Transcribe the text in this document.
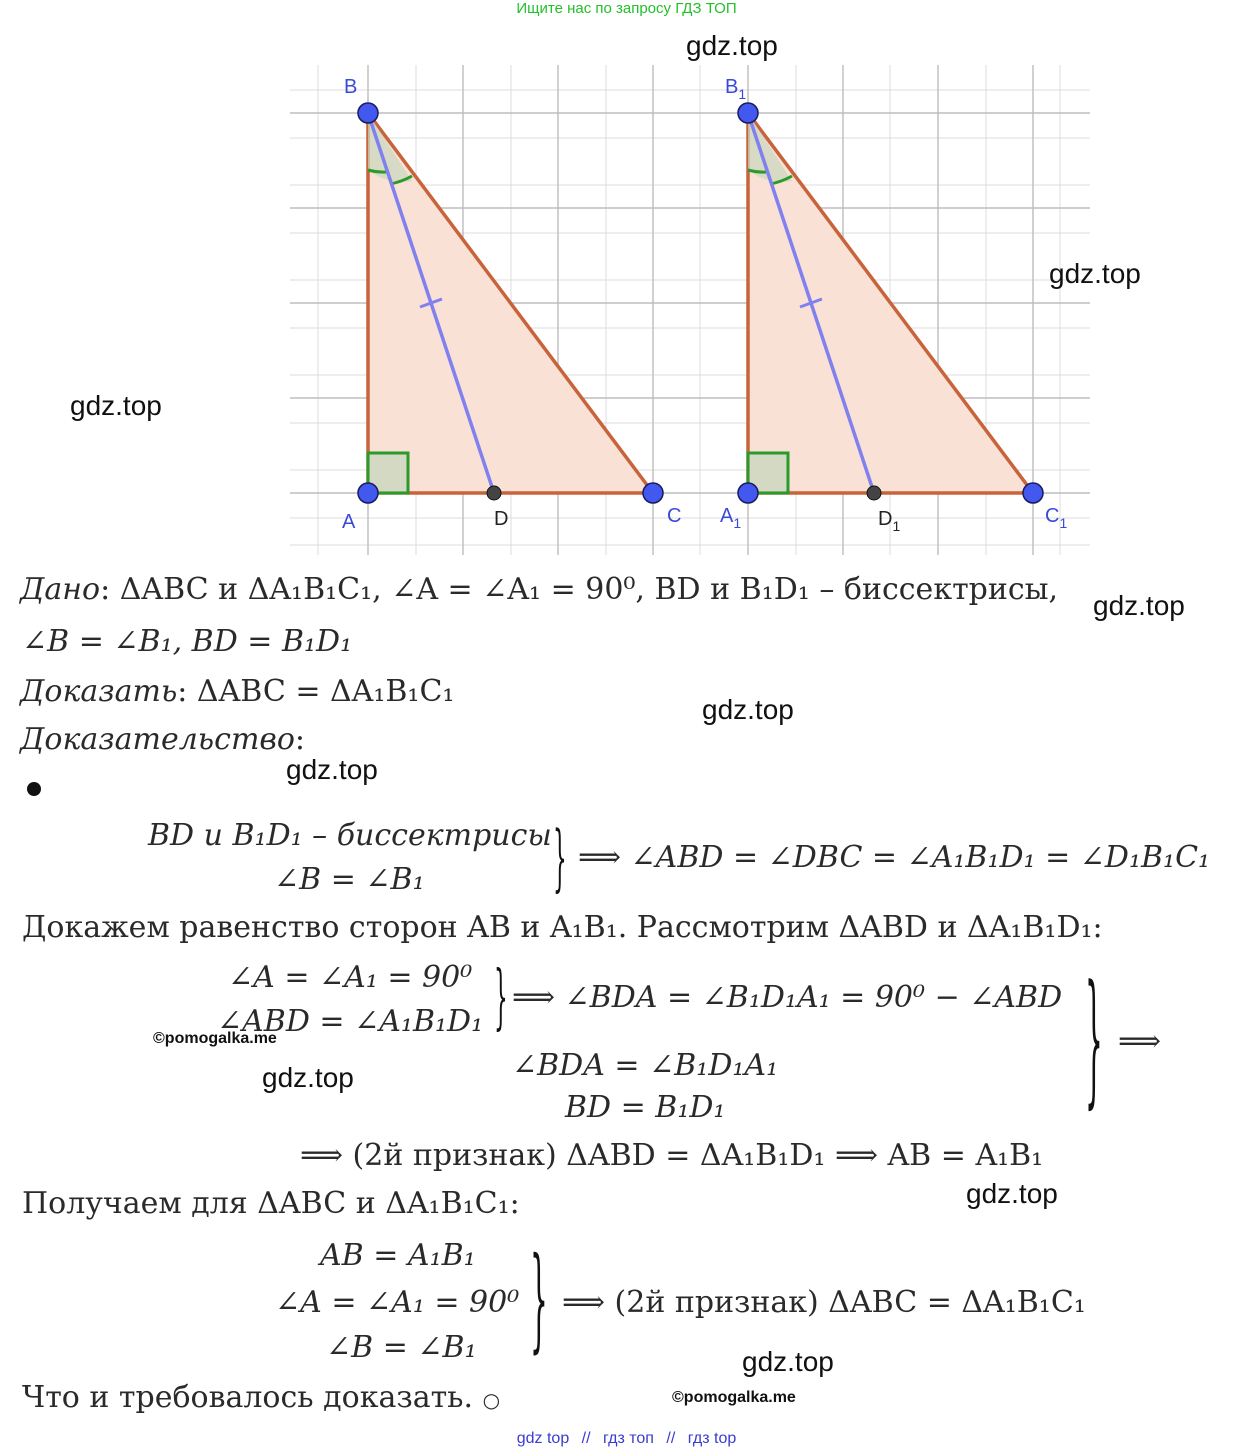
Ищите нас по запросу ГДЗ ТОП
B
A	D	C
$B_1$
$A_1$	$D_1$	$C_1$
gdz.top
gdz.top
gdz.top
gdz.top
gdz.top
gdz.top
gdz.top
gdz.top
gdz.top
©pomogalka.me
©pomogalka.me
Дано: ΔABC и ΔA₁B₁C₁, ∠A = ∠A₁ = 90⁰, BD и B₁D₁ – биссектрисы,
∠B = ∠B₁, BD = B₁D₁
Доказать: ΔABC = ΔA₁B₁C₁
Доказательство:
BD и B₁D₁ – биссектрисы
∠B = ∠B₁	} ⟹ ∠ABD = ∠DBC = ∠A₁B₁D₁ = ∠D₁B₁C₁
Докажем равенство сторон AB и A₁B₁. Рассмотрим ΔABD и ΔA₁B₁D₁:
∠A = ∠A₁ = 90⁰
∠ABD = ∠A₁B₁D₁ } ⟹ ∠BDA = ∠B₁D₁A₁ = 90⁰ − ∠ABD
∠BDA = ∠B₁D₁A₁
BD = B₁D₁	} ⟹
⟹ (2й признак) ΔABD = ΔA₁B₁D₁ ⟹ AB = A₁B₁
Получаем для ΔABC и ΔA₁B₁C₁:
AB = A₁B₁
∠A = ∠A₁ = 90⁰
∠B = ∠B₁ } ⟹ (2й признак) ΔABC = ΔA₁B₁C₁
Что и требовалось доказать. ○
gdz top // гдз топ // гдз top
